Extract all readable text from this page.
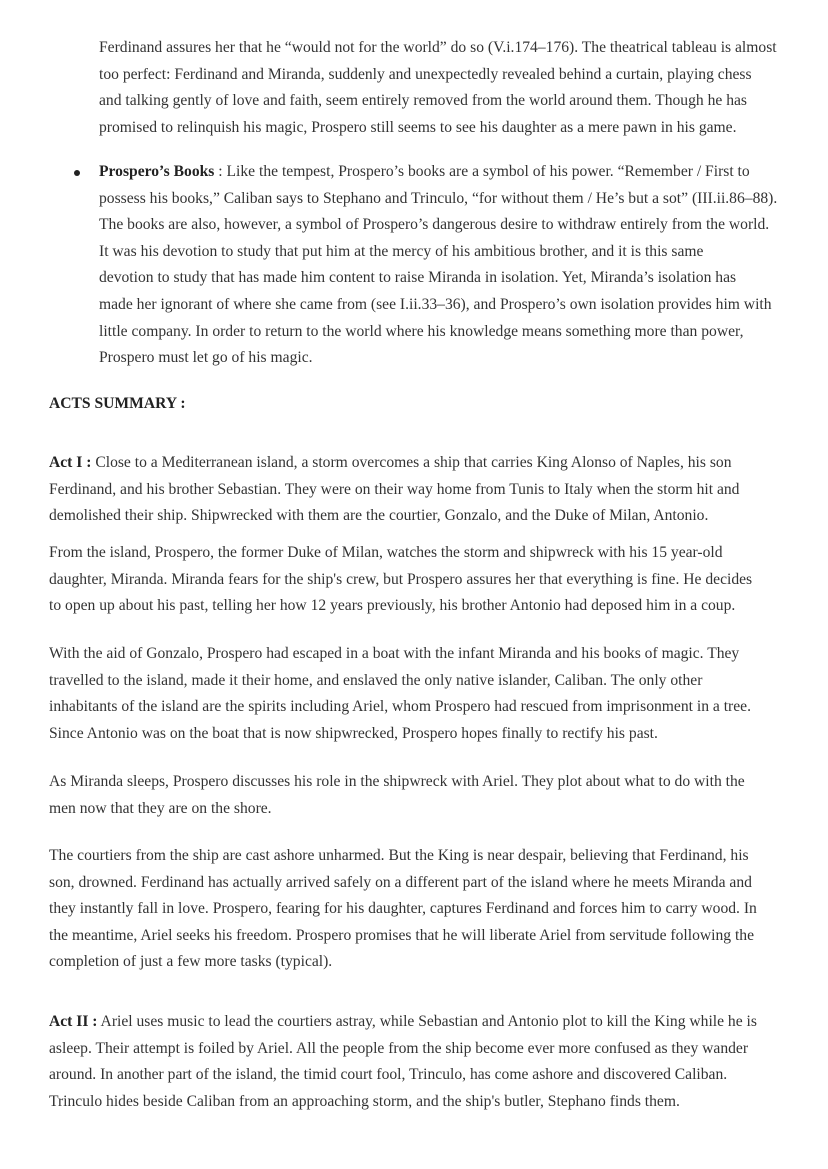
Ferdinand assures her that he “would not for the world” do so (V.i.174–176). The theatrical tableau is almost
too perfect: Ferdinand and Miranda, suddenly and unexpectedly revealed behind a curtain, playing chess
and talking gently of love and faith, seem entirely removed from the world around them. Though he has
promised to relinquish his magic, Prospero still seems to see his daughter as a mere pawn in his game.
Prospero’s Books : Like the tempest, Prospero’s books are a symbol of his power. “Remember / First to
possess his books,” Caliban says to Stephano and Trinculo, “for without them / He’s but a sot” (III.ii.86–88).
The books are also, however, a symbol of Prospero’s dangerous desire to withdraw entirely from the world.
It was his devotion to study that put him at the mercy of his ambitious brother, and it is this same
devotion to study that has made him content to raise Miranda in isolation. Yet, Miranda’s isolation has
made her ignorant of where she came from (see I.ii.33–36), and Prospero’s own isolation provides him with
little company. In order to return to the world where his knowledge means something more than power,
Prospero must let go of his magic.
ACTS SUMMARY :
Act I : Close to a Mediterranean island, a storm overcomes a ship that carries King Alonso of Naples, his son
Ferdinand, and his brother Sebastian. They were on their way home from Tunis to Italy when the storm hit and
demolished their ship. Shipwrecked with them are the courtier, Gonzalo, and the Duke of Milan, Antonio.
From the island, Prospero, the former Duke of Milan, watches the storm and shipwreck with his 15 year-old
daughter, Miranda. Miranda fears for the ship's crew, but Prospero assures her that everything is fine. He decides
to open up about his past, telling her how 12 years previously, his brother Antonio had deposed him in a coup.
With the aid of Gonzalo, Prospero had escaped in a boat with the infant Miranda and his books of magic. They
travelled to the island, made it their home, and enslaved the only native islander, Caliban. The only other
inhabitants of the island are the spirits including Ariel, whom Prospero had rescued from imprisonment in a tree.
Since Antonio was on the boat that is now shipwrecked, Prospero hopes finally to rectify his past.
As Miranda sleeps, Prospero discusses his role in the shipwreck with Ariel. They plot about what to do with the
men now that they are on the shore.
The courtiers from the ship are cast ashore unharmed. But the King is near despair, believing that Ferdinand, his
son, drowned. Ferdinand has actually arrived safely on a different part of the island where he meets Miranda and
they instantly fall in love. Prospero, fearing for his daughter, captures Ferdinand and forces him to carry wood. In
the meantime, Ariel seeks his freedom. Prospero promises that he will liberate Ariel from servitude following the
completion of just a few more tasks (typical).
Act II : Ariel uses music to lead the courtiers astray, while Sebastian and Antonio plot to kill the King while he is
asleep. Their attempt is foiled by Ariel. All the people from the ship become ever more confused as they wander
around. In another part of the island, the timid court fool, Trinculo, has come ashore and discovered Caliban.
Trinculo hides beside Caliban from an approaching storm, and the ship's butler, Stephano finds them.
